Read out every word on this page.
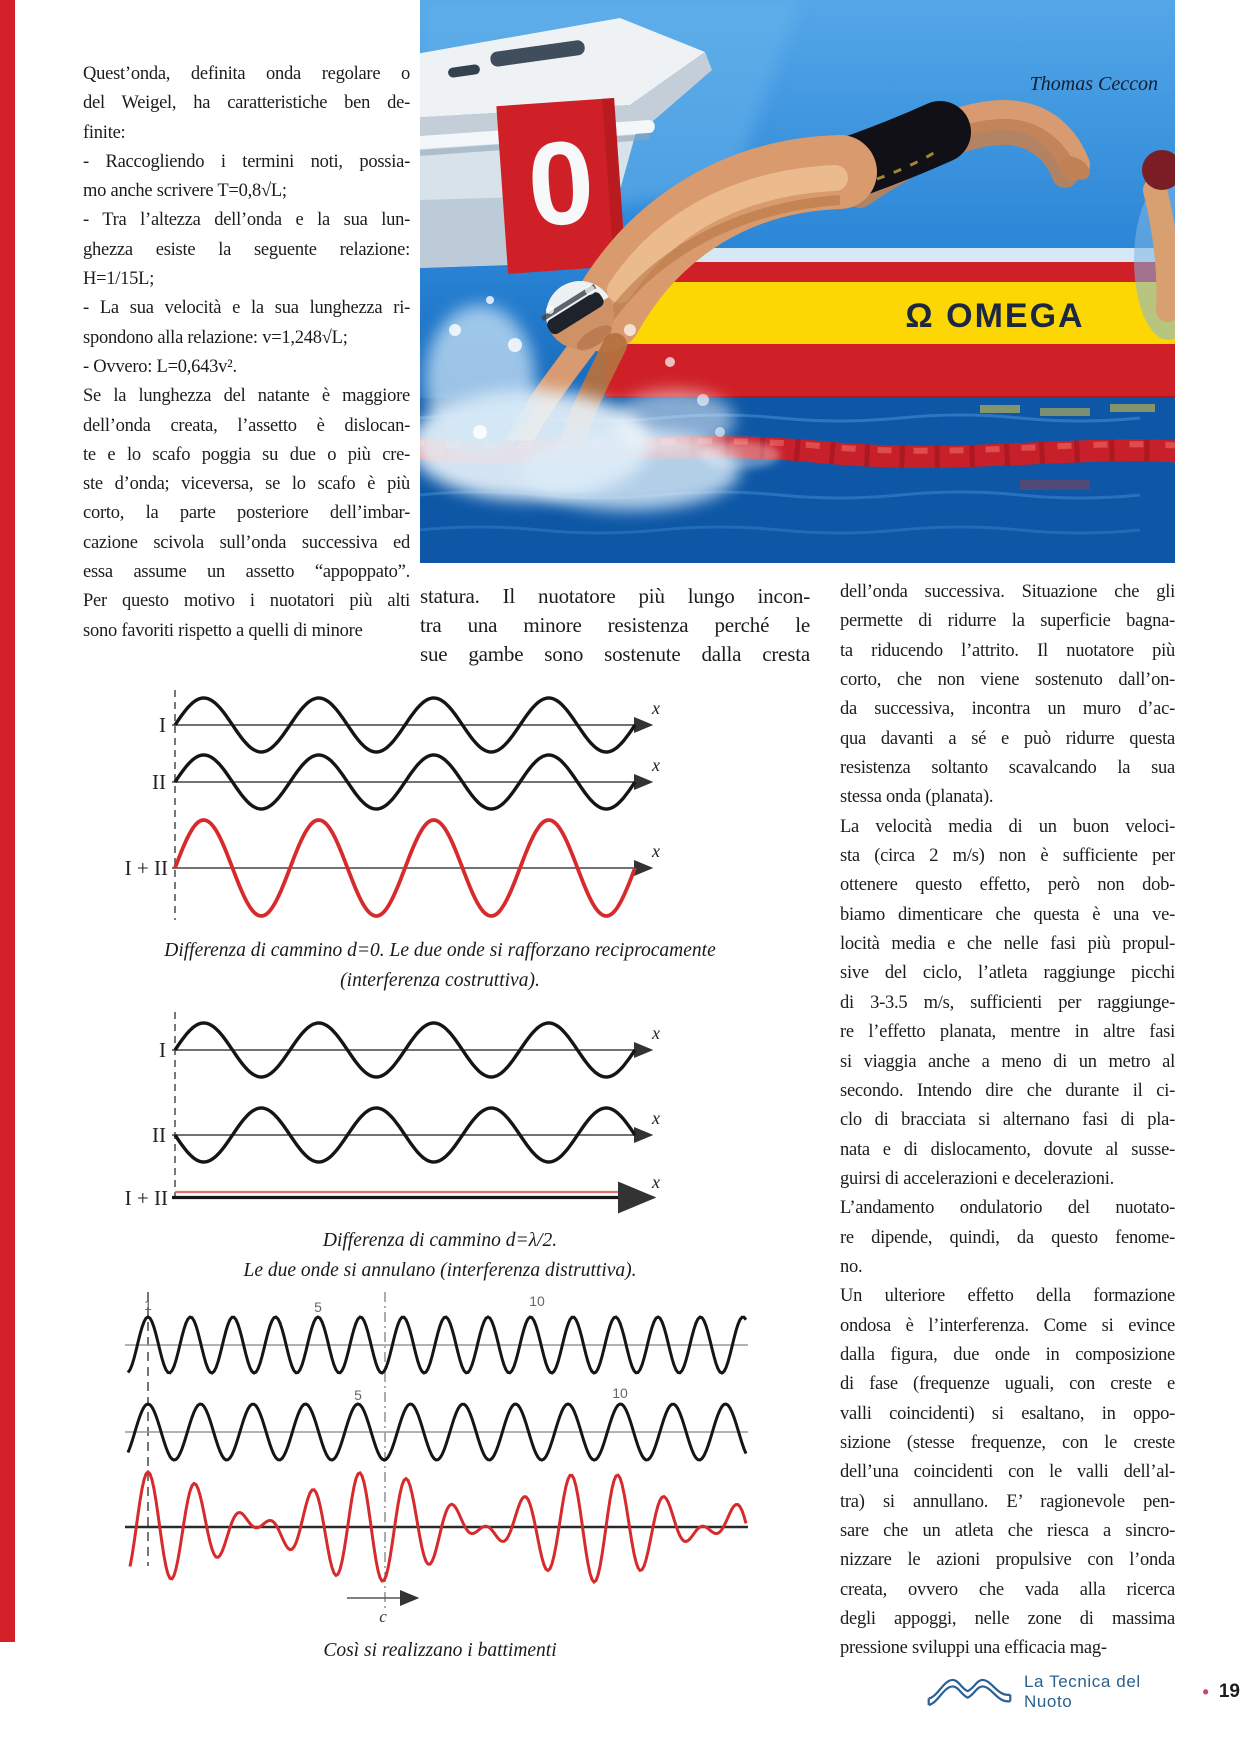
Ω OMEGA
0
Thomas Ceccon
Quest’onda, definita onda regolare o
del Weigel, ha caratteristiche ben de-
finite:
- Raccogliendo i termini noti, possia-
mo anche scrivere T=0,8√L;
- Tra l’altezza dell’onda e la sua lun-
ghezza esiste la seguente relazione:
H=1/15L;
- La sua velocità e la sua lunghezza ri-
spondono alla relazione: v=1,248√L;
- Ovvero: L=0,643v².
Se la lunghezza del natante è maggiore
dell’onda creata, l’assetto è dislocan-
te e lo scafo poggia su due o più cre-
ste d’onda; viceversa, se lo scafo è più
corto, la parte posteriore dell’imbar-
cazione scivola sull’onda successiva ed
essa assume un assetto “appoppato”.
Per questo motivo i nuotatori più alti
sono favoriti rispetto a quelli di minore
statura. Il nuotatore più lungo incon-
tra una minore resistenza perché le
sue gambe sono sostenute dalla cresta
dell’onda successiva. Situazione che gli
permette di ridurre la superficie bagna-
ta riducendo l’attrito. Il nuotatore più
corto, che non viene sostenuto dall’on-
da successiva, incontra un muro d’ac-
qua davanti a sé e può ridurre questa
resistenza soltanto scavalcando la sua
stessa onda (planata).
La velocità media di un buon veloci-
sta (circa 2 m/s) non è sufficiente per
ottenere questo effetto, però non dob-
biamo dimenticare che questa è una ve-
locità media e che nelle fasi più propul-
sive del ciclo, l’atleta raggiunge picchi
di 3-3.5 m/s, sufficienti per raggiunge-
re l’effetto planata, mentre in altre fasi
si viaggia anche a meno di un metro al
secondo. Intendo dire che durante il ci-
clo di bracciata si alternano fasi di pla-
nata e di dislocamento, dovute al susse-
guirsi di accelerazioni e decelerazioni.
L’andamento ondulatorio del nuotato-
re dipende, quindi, da questo fenome-
no.
Un ulteriore effetto della formazione
ondosa è l’interferenza. Come si evince
dalla figura, due onde in composizione
di fase (frequenze uguali, con creste e
valli coincidenti) si esaltano, in oppo-
sizione (stesse frequenze, con le creste
dell’una coincidenti con le valli dell’al-
tra) si annullano. E’ ragionevole pen-
sare che un atleta che riesca a sincro-
nizzare le azioni propulsive con l’onda
creata, ovvero che vada alla ricerca
degli appoggi, nelle zone di massima
pressione sviluppi una efficacia mag-
I
II
I + II
x
x
x
I
II
I + II
x
x
x
1	5	10
5	10
c
Differenza di cammino d=0. Le due onde si rafforzano reciprocamente
(interferenza costruttiva).
Differenza di cammino d=λ/2.
Le due onde si annulano (interferenza distruttiva).
Così si realizzano i battimenti
La Tecnica del Nuoto	• 19
